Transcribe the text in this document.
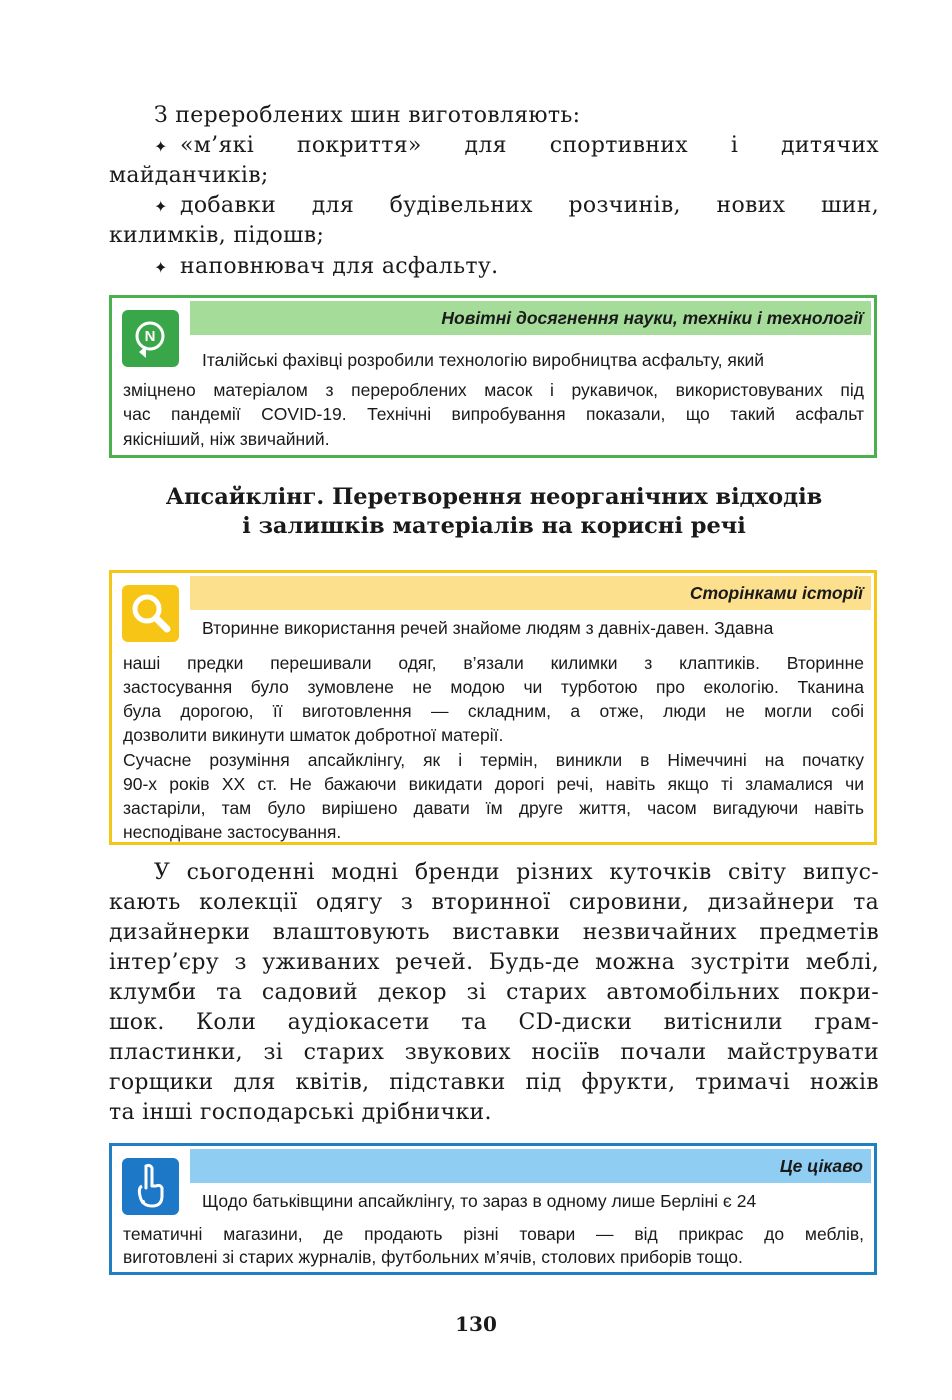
З перероблених шин виготовляють:
✦ «м’які покриття» для спортивних і дитячих
майданчиків;
✦ добавки для будівельних розчинів, нових шин,
килимків, підошв;
✦ наповнювач для асфальту.
Новітні досягнення науки, техніки і технології
N
Італійські фахівці розробили технологію виробництва асфальту, який
зміцнено матеріалом з перероблених масок і рукавичок, використовуваних під
час пандемії COVID-19. Технічні випробування показали, що такий асфальт
якісніший, ніж звичайний.
Апсайклінг. Перетворення неорганічних відходів
і залишків матеріалів на корисні речі
Сторінками історії
Вторинне використання речей знайоме людям з давніх-давен. Здавна
наші предки перешивали одяг, в’язали килимки з клаптиків. Вторинне
застосування було зумовлене не модою чи турботою про екологію. Тканина
була дорогою, її виготовлення — складним, а отже, люди не могли собі
дозволити викинути шматок добротної матерії.
Сучасне розуміння апсайклінгу, як і термін, виникли в Німеччині на початку
90-х років ХХ ст. Не бажаючи викидати дорогі речі, навіть якщо ті зламалися чи
застаріли, там було вирішено давати їм друге життя, часом вигадуючи навіть
несподіване застосування.
У сьогоденні модні бренди різних куточків світу випус-
кають колекції одягу з вторинної сировини, дизайнери та
дизайнерки влаштовують виставки незвичайних предметів
інтер’єру з уживаних речей. Будь-де можна зустріти меблі,
клумби та садовий декор зі старих автомобільних покри-
шок. Коли аудіокасети та CD-диски витіснили грам-
пластинки, зі старих звукових носіїв почали майструвати
горщики для квітів, підставки під фрукти, тримачі ножів
та інші господарські дрібнички.
Це цікаво
Щодо батьківщини апсайклінгу, то зараз в одному лише Берліні є 24
тематичні магазини, де продають різні товари — від прикрас до меблів,
виготовлені зі старих журналів, футбольних м’ячів, столових приборів тощо.
130
